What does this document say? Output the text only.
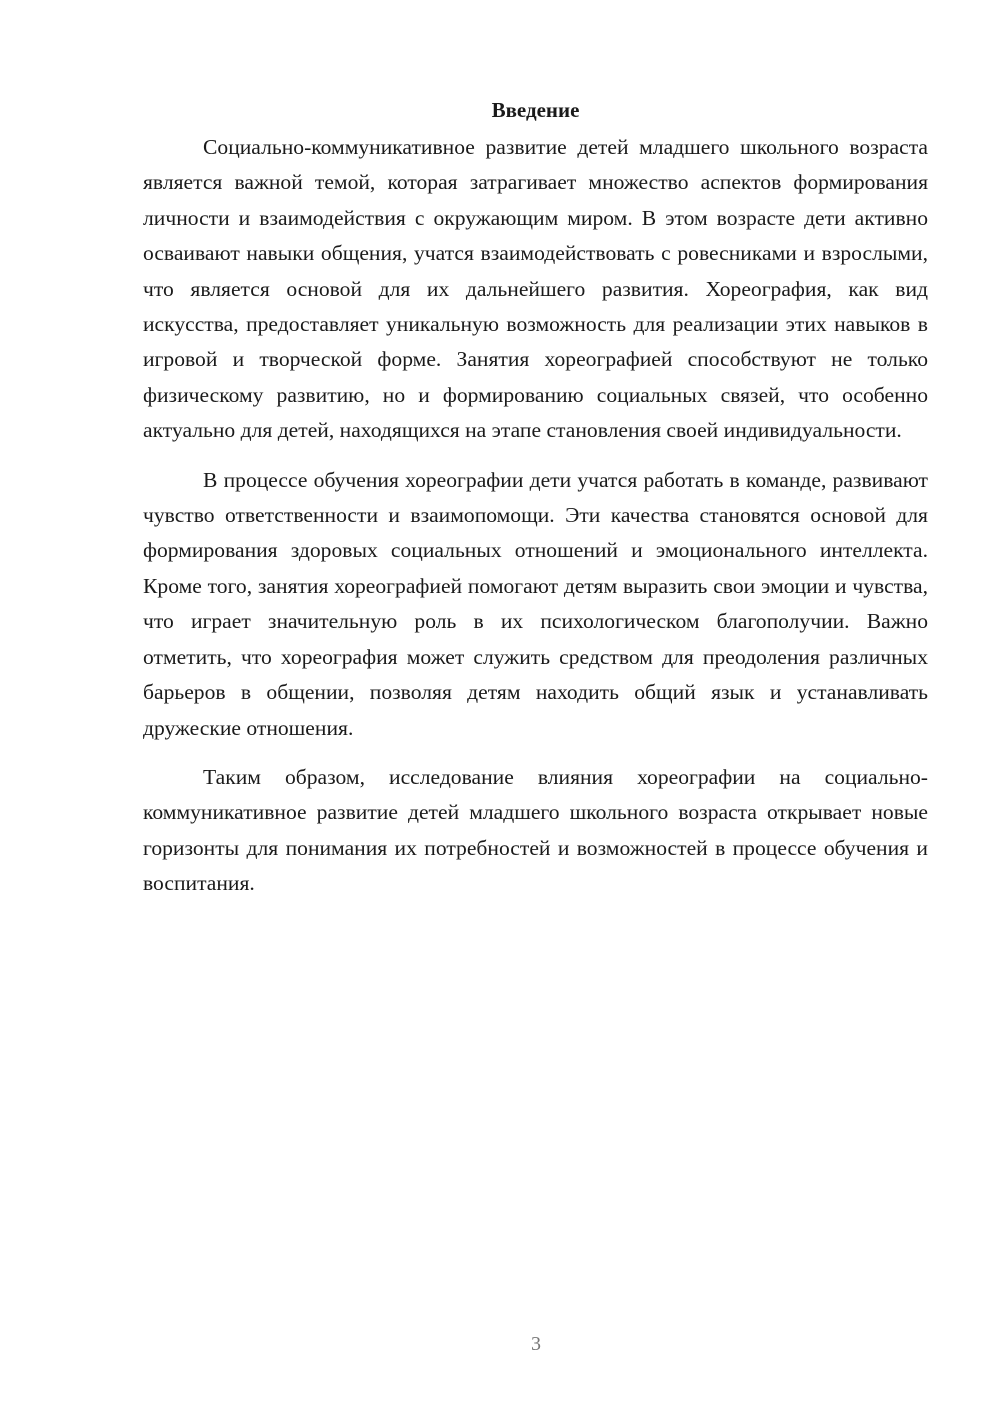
Введение

Социально-коммуникативное развитие детей младшего школьного возраста является важной темой, которая затрагивает множество аспектов формирования личности и взаимодействия с окружающим миром. В этом возрасте дети активно осваивают навыки общения, учатся взаимодействовать с ровесниками и взрослыми, что является основой для их дальнейшего развития. Хореография, как вид искусства, предоставляет уникальную возможность для реализации этих навыков в игровой и творческой форме. Занятия хореографией способствуют не только физическому развитию, но и формированию социальных связей, что особенно актуально для детей, находящихся на этапе становления своей индивидуальности.

В процессе обучения хореографии дети учатся работать в команде, развивают чувство ответственности и взаимопомощи. Эти качества становятся основой для формирования здоровых социальных отношений и эмоционального интеллекта. Кроме того, занятия хореографией помогают детям выразить свои эмоции и чувства, что играет значительную роль в их психологическом благополучии. Важно отметить, что хореография может служить средством для преодоления различных барьеров в общении, позволяя детям находить общий язык и устанавливать дружеские отношения.

Таким образом, исследование влияния хореографии на социально-коммуникативное развитие детей младшего школьного возраста открывает новые горизонты для понимания их потребностей и возможностей в процессе обучения и воспитания.

3
